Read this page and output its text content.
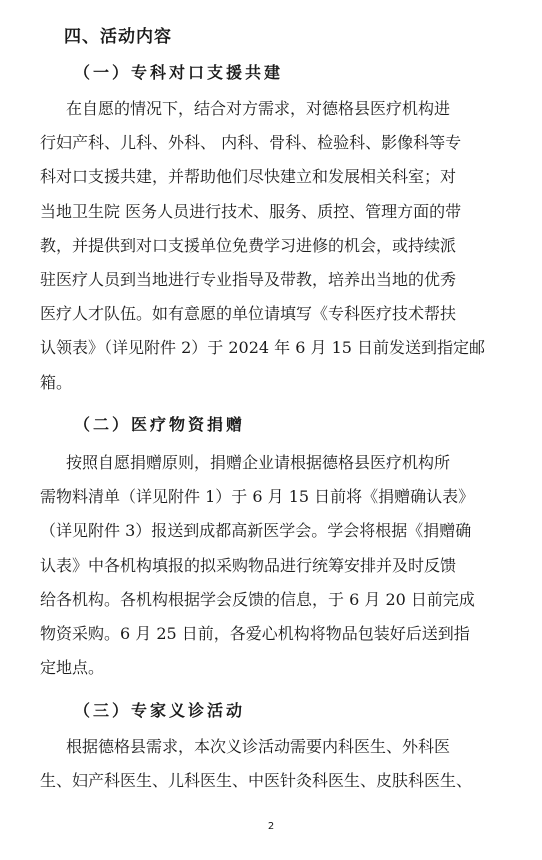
四、活动内容
（一）专科对口支援共建
在自愿的情况下，结合对方需求，对德格县医疗机构进
行妇产科、儿科、外科、 内科、骨科、检验科、影像科等专
科对口支援共建，并帮助他们尽快建立和发展相关科室；对
当地卫生院 医务人员进行技术、服务、质控、管理方面的带
教，并提供到对口支援单位免费学习进修的机会，或持续派
驻医疗人员到当地进行专业指导及带教，培养出当地的优秀
医疗人才队伍。如有意愿的单位请填写《专科医疗技术帮扶
认领表》（详见附件 2）于 2024 年 6 月 15 日前发送到指定邮
箱。
（二）医疗物资捐赠
按照自愿捐赠原则，捐赠企业请根据德格县医疗机构所
需物料清单（详见附件 1）于 6 月 15 日前将《捐赠确认表》
（详见附件 3）报送到成都高新医学会。学会将根据《捐赠确
认表》中各机构填报的拟采购物品进行统筹安排并及时反馈
给各机构。各机构根据学会反馈的信息，于 6 月 20 日前完成
物资采购。6 月 25 日前，各爱心机构将物品包装好后送到指
定地点。
（三）专家义诊活动
根据德格县需求，本次义诊活动需要内科医生、外科医
生、妇产科医生、儿科医生、中医针灸科医生、皮肤科医生、
2
